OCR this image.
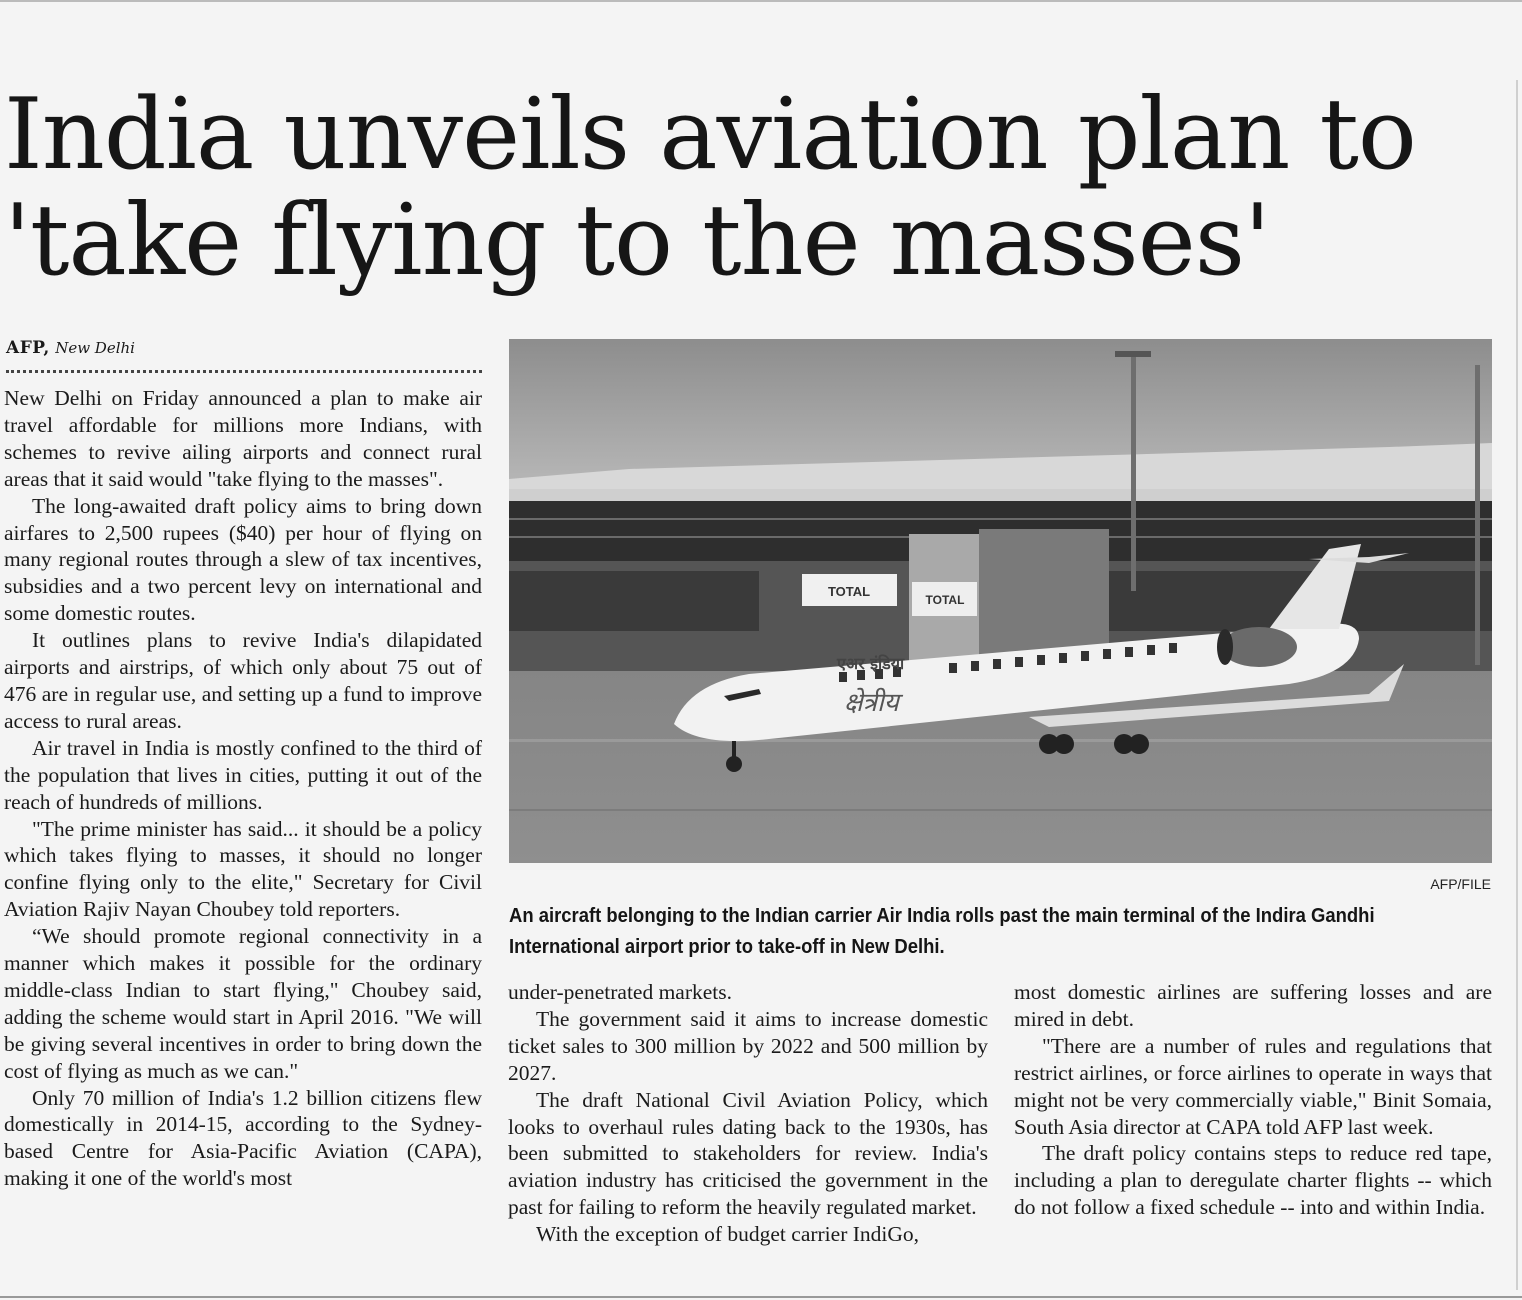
India unveils aviation plan to
'take flying to the masses'
AFP, New Delhi

New Delhi on Friday announced a plan to make air travel affordable for millions more Indians, with schemes to revive ailing airports and connect rural areas that it said would "take flying to the masses".

The long-awaited draft policy aims to bring down airfares to 2,500 rupees ($40) per hour of flying on many regional routes through a slew of tax incentives, subsidies and a two percent levy on international and some domestic routes.

It outlines plans to revive India's dilapidated airports and airstrips, of which only about 75 out of 476 are in regular use, and setting up a fund to improve access to rural areas.

Air travel in India is mostly confined to the third of the population that lives in cities, putting it out of the reach of hundreds of millions.

"The prime minister has said... it should be a policy which takes flying to masses, it should no longer confine flying only to the elite," Secretary for Civil Aviation Rajiv Nayan Choubey told reporters.

“We should promote regional connectivity in a manner which makes it possible for the ordinary middle-class Indian to start flying," Choubey said, adding the scheme would start in April 2016. "We will be giving several incentives in order to bring down the cost of flying as much as we can."

Only 70 million of India's 1.2 billion citizens flew domestically in 2014-15, according to the Sydney-based Centre for Asia-Pacific Aviation (CAPA), making it one of the world's most

TOTAL
TOTAL
एअर इंडिया
क्षेत्रीय
AFP/FILE
An aircraft belonging to the Indian carrier Air India rolls past the main terminal of the Indira Gandhi International airport prior to take-off in New Delhi.

under-penetrated markets.

The government said it aims to increase domestic ticket sales to 300 million by 2022 and 500 million by 2027.

The draft National Civil Aviation Policy, which looks to overhaul rules dating back to the 1930s, has been submitted to stakeholders for review. India's aviation industry has criticised the government in the past for failing to reform the heavily regulated market.

With the exception of budget carrier IndiGo,

most domestic airlines are suffering losses and are mired in debt.

"There are a number of rules and regulations that restrict airlines, or force airlines to operate in ways that might not be very commercially viable," Binit Somaia, South Asia director at CAPA told AFP last week.

The draft policy contains steps to reduce red tape, including a plan to deregulate charter flights -- which do not follow a fixed schedule -- into and within India.
